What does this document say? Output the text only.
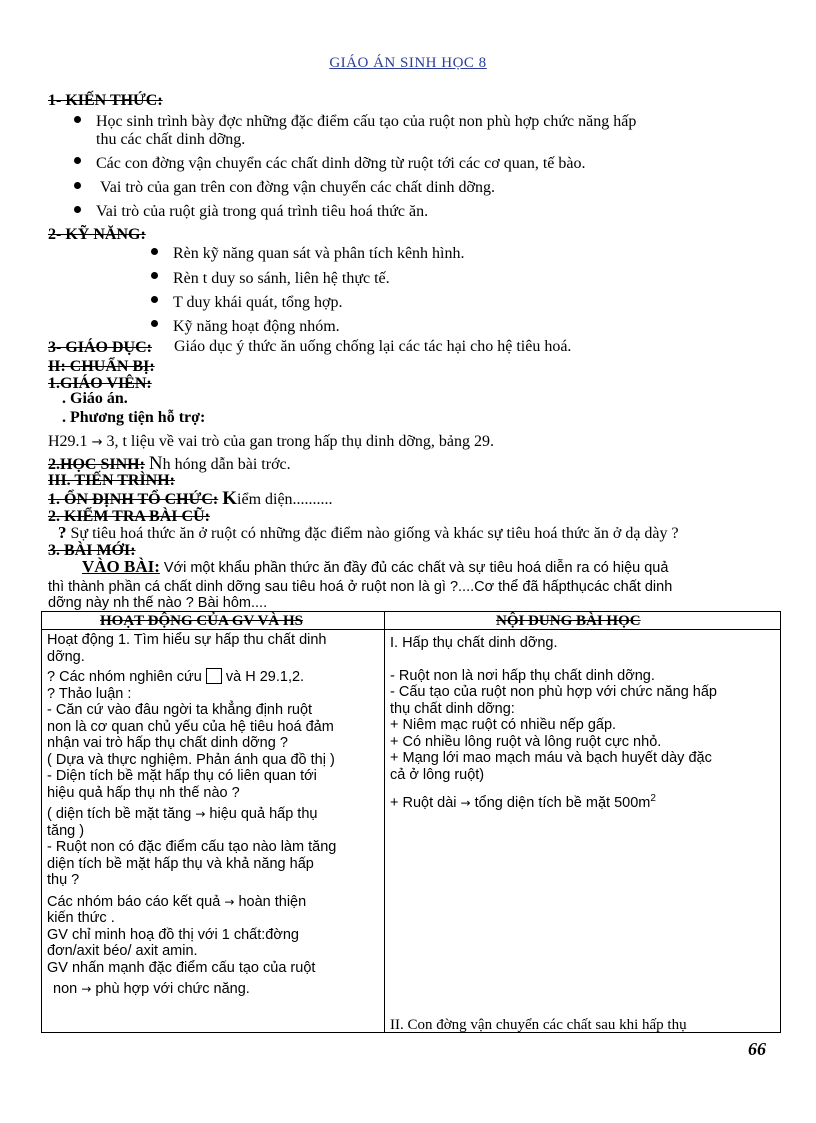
GIÁO ÁN SINH HỌC 8
1- KIẾN THỨC:
Học sinh trình bày đợc những đặc điểm cấu tạo của ruột non phù hợp chức năng hấp
thu các chất dinh dỡng.
Các con đờng vận chuyển các chất dinh dỡng từ ruột tới các cơ quan, tế bào.
Vai trò của gan trên con đờng vận chuyển các chất dinh dỡng.
Vai trò của ruột già trong quá trình tiêu hoá thức ăn.
2- KỸ NĂNG:
Rèn kỹ năng quan sát và phân tích kênh hình.
Rèn t duy so sánh, liên hệ thực tế.
T duy khái quát, tổng hợp.
Kỹ năng hoạt động nhóm.
3- GIÁO DỤC: Giáo dục ý thức ăn uống chống lại các tác hại cho hệ tiêu hoá.
II: CHUẨN BỊ:
1.GIÁO VIÊN:
. Giáo án.
. Phương tiện hỗ trợ:
H29.1 → 3, t liệu về vai trò của gan trong hấp thụ dinh dỡng, bảng 29.
2.HỌC SINH: Nh hóng dẫn bài trớc.
III. TIẾN TRÌNH:
1. ỔN ĐỊNH TỔ CHỨC: Kiểm diện..........
2. KIỂM TRA BÀI CŨ:
? Sự tiêu hoá thức ăn ở ruột có những đặc điểm nào giống và khác sự tiêu hoá thức ăn ở dạ dày ?
3. BÀI MỚI:
VÀO BÀI: Với một khẩu phần thức ăn đầy đủ các chất và sự tiêu hoá diễn ra có hiệu quả
thì thành phần cá chất dinh dỡng sau tiêu hoá ở ruột non là gì ?....Cơ thể đã hấpthụcác chất dinh
dỡng này nh thế nào ? Bài hôm....
HOẠT ĐỘNG CỦA GV VÀ HS	NỘI DUNG BÀI HỌC
Hoạt động 1. Tìm hiểu sự hấp thu chất dinh
dỡng.
? Các nhóm nghiên cứu và H 29.1,2.
? Thảo luận :
- Căn cứ vào đâu ngời ta khẳng định ruột
non là cơ quan chủ yếu của hệ tiêu hoá đảm
nhận vai trò hấp thụ chất dinh dỡng ?
( Dựa và thực nghiệm. Phản ánh qua đồ thị )
- Diện tích bề mặt hấp thụ có liên quan tới
hiệu quả hấp thụ nh thế nào ?
( diện tích bề mặt tăng → hiệu quả hấp thụ
tăng )
- Ruột non có đặc điểm cấu tạo nào làm tăng
diện tích bề mặt hấp thụ và khả năng hấp
thụ ?
Các nhóm báo cáo kết quả → hoàn thiện
kiến thức .
GV chỉ minh hoạ đồ thị với 1 chất:đờng
đơn/axit béo/ axit amin.
GV nhấn mạnh đặc điểm cấu tạo của ruột
non → phù hợp với chức năng.
I. Hấp thụ chất dinh dỡng.
- Ruột non là nơi hấp thụ chất dinh dỡng.
- Cấu tạo của ruột non phù hợp với chức năng hấp
thụ chất dinh dỡng:
+ Niêm mạc ruột có nhiều nếp gấp.
+ Có nhiều lông ruột và lông ruột cực nhỏ.
+ Mạng lới mao mạch máu và bạch huyết dày đặc
cả ở lông ruột)
+ Ruột dài → tổng diện tích bề mặt $500m^2$
II. Con đờng vận chuyển các chất sau khi hấp thụ
66
